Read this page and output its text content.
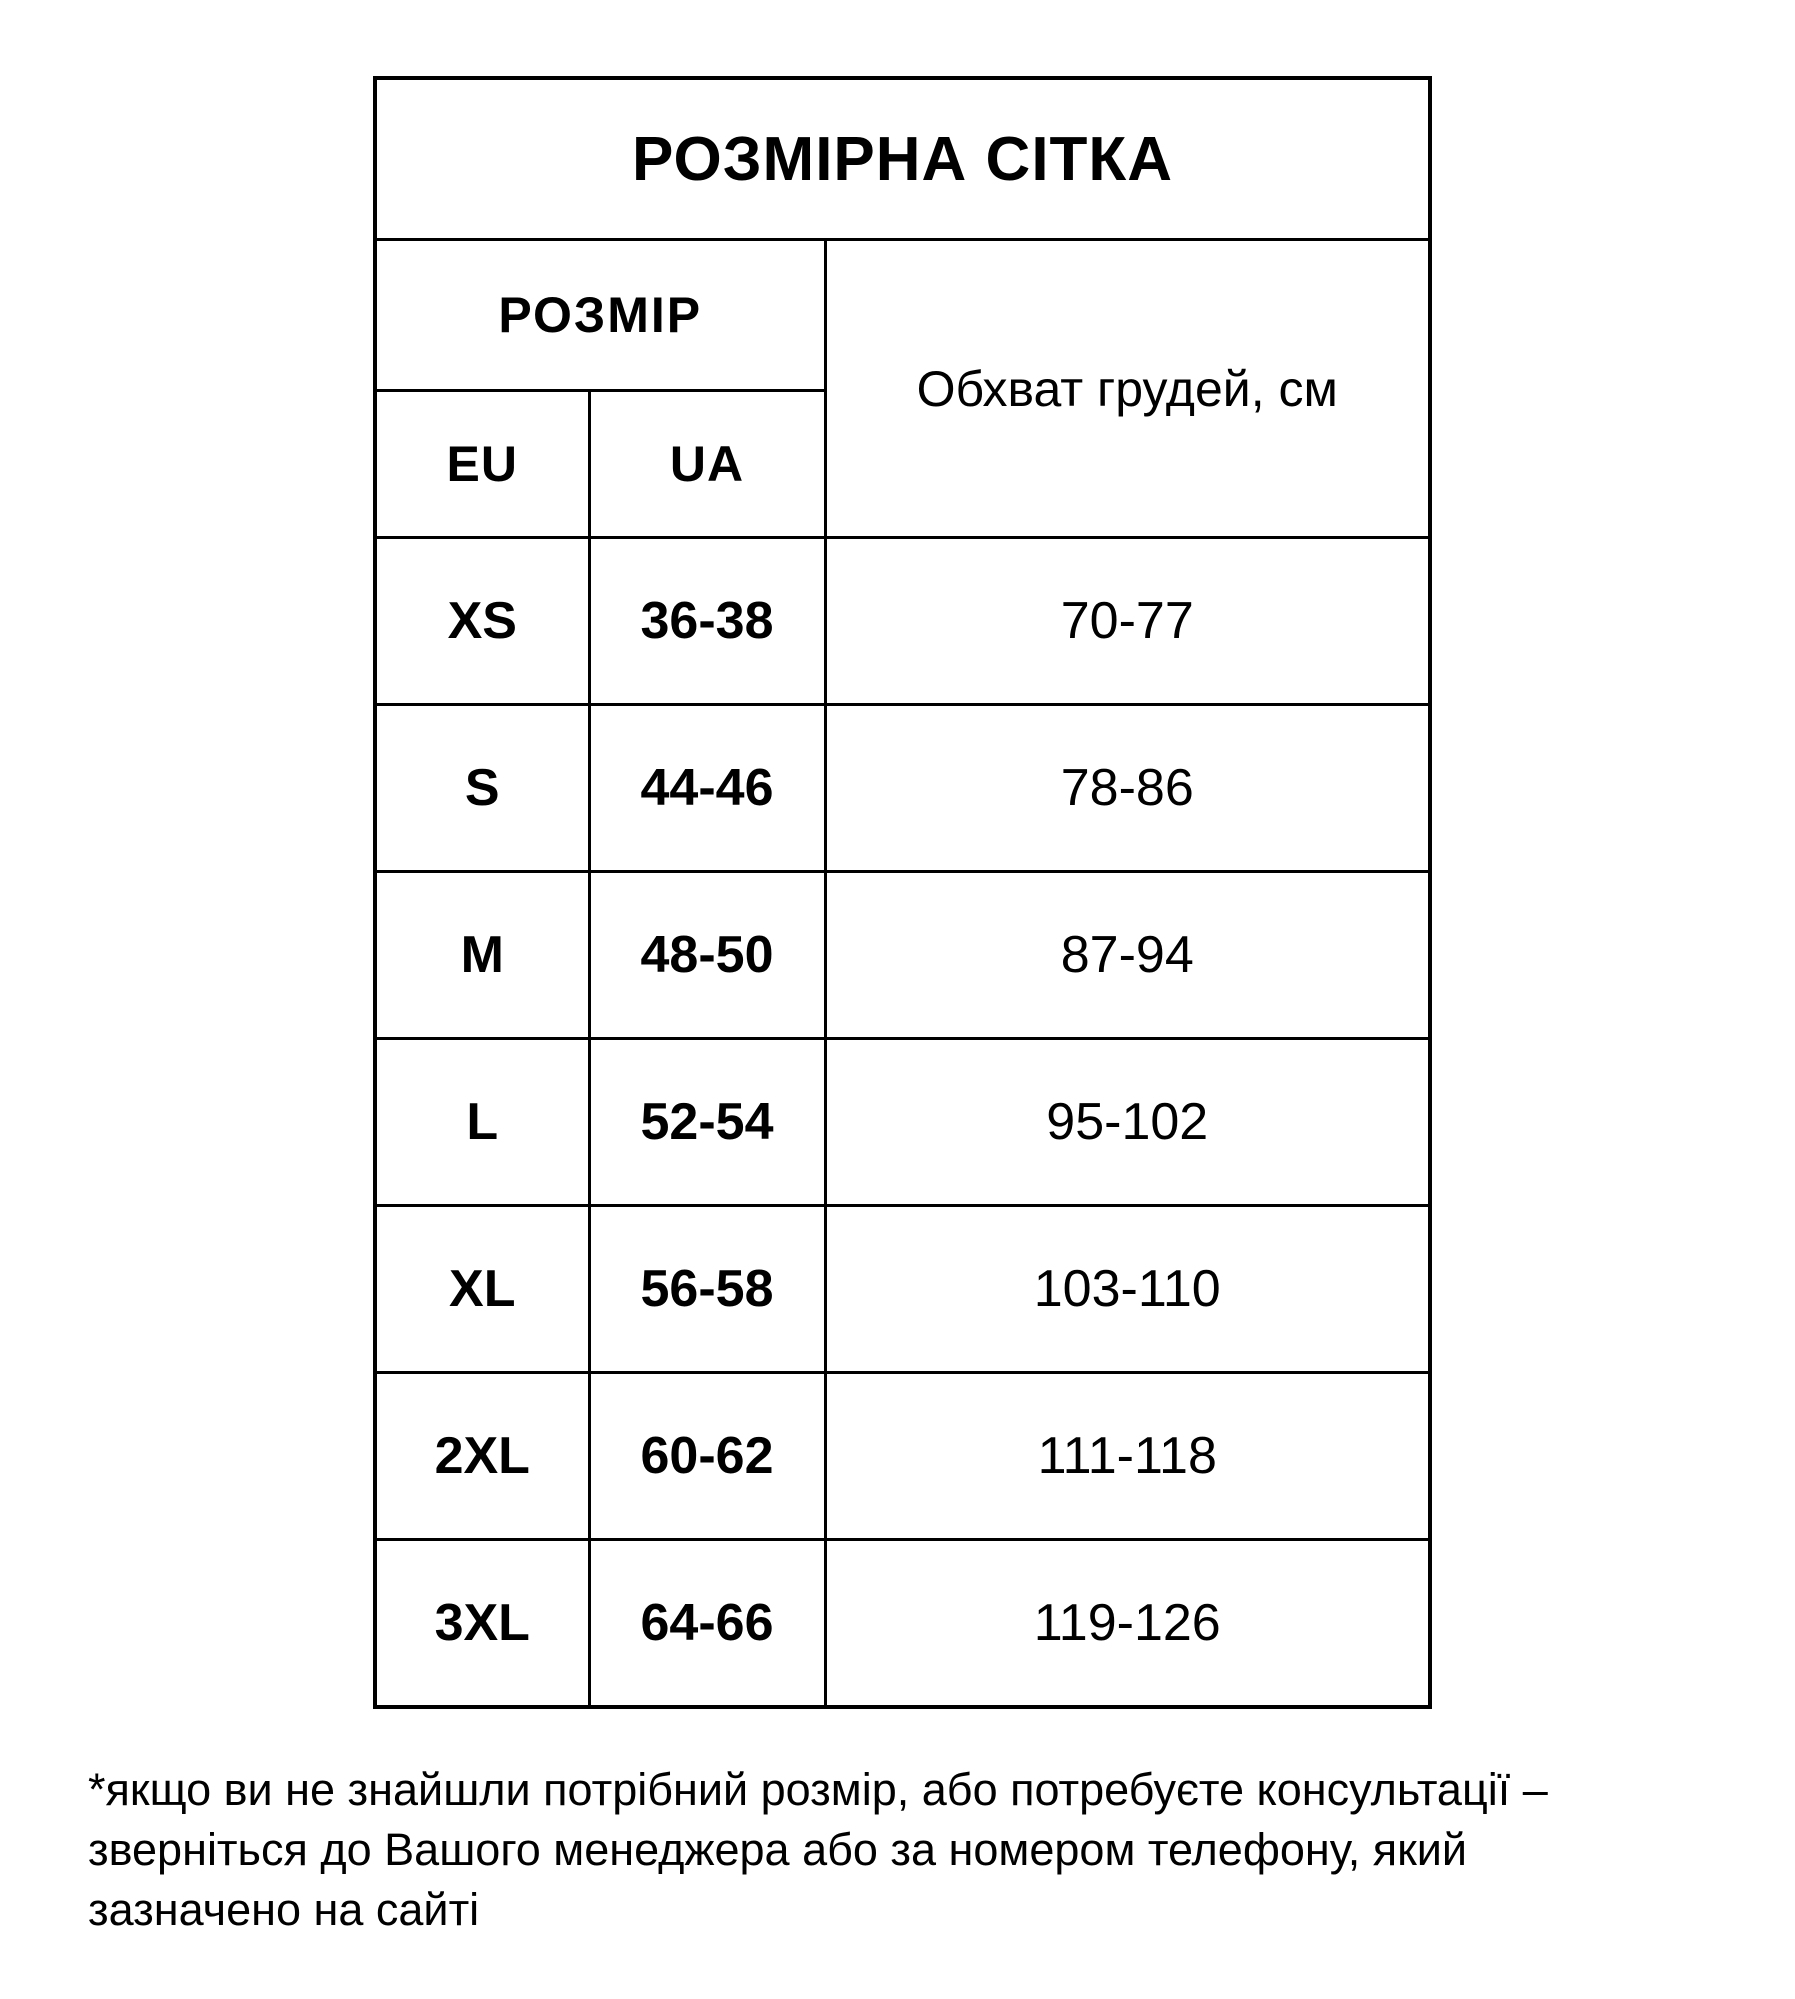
РОЗМІРНА СІТКА		
РОЗМІР		Обхват грудей, см
EU	UA	
XS	36-38	70-77
S	44-46	78-86
M	48-50	87-94
L	52-54	95-102
XL	56-58	103-110
2XL	60-62	111-118
3XL	64-66	119-126
*якщо ви не знайшли потрібний розмір, або потребуєте консультації –
зверніться до Вашого менеджера або за номером телефону, який
зазначено на сайті
